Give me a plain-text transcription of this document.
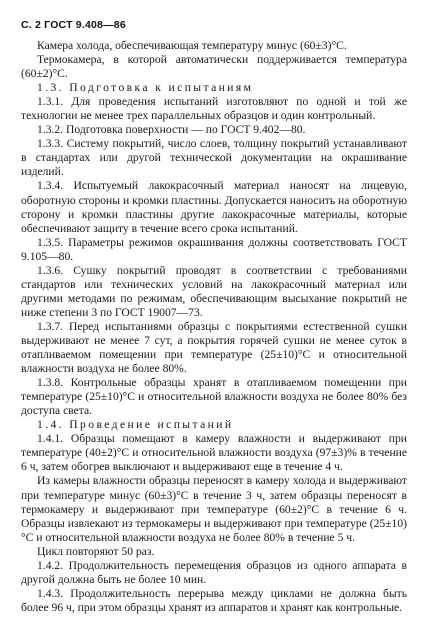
С. 2 ГОСТ 9.408—86

Камера холода, обеспечивающая температуру минус (60±3)°С.

Термокамера, в которой автоматически поддерживается температура (60±2)°С.

1.3. Подготовка к испытаниям

1.3.1. Для проведения испытаний изготовляют по одной и той же технологии не менее трех параллельных образцов и один контрольный.

1.3.2. Подготовка поверхности — по ГОСТ 9.402—80.

1.3.3. Систему покрытий, число слоев, толщину покрытий устанавливают в стандартах или другой технической документации на окрашивание изделий.

1.3.4. Испытуемый лакокрасочный материал наносят на лицевую, оборотную стороны и кромки пластины. Допускается наносить на оборотную сторону и кромки пластины другие лакокрасочные материалы, которые обеспечивают защиту в течение всего срока испытаний.

1.3.5. Параметры режимов окрашивания должны соответствовать ГОСТ 9.105—80.

1.3.6. Сушку покрытий проводят в соответствии с требованиями стандартов или технических условий на лакокрасочный материал или другими методами по режимам, обеспечивающим высыхание покрытий не ниже степени 3 по ГОСТ 19007—73.

1.3.7. Перед испытаниями образцы с покрытиями естественной сушки выдерживают не менее 7 сут, а покрытия горячей сушки не менее суток в отапливаемом помещении при температуре (25±10)°С и относительной влажности воздуха не более 80%.

1.3.8. Контрольные образцы хранят в отапливаемом помещении при температуре (25±10)°С и относительной влажности воздуха не более 80% без доступа света.

1.4. Проведение испытаний

1.4.1. Образцы помещают в камеру влажности и выдерживают при температуре (40±2)°С и относительной влажности воздуха (97±3)% в течение 6 ч, затем обогрев выключают и выдерживают еще в течение 4 ч.

Из камеры влажности образцы переносят в камеру холода и выдерживают при температуре минус (60±3)°С в течение 3 ч, затем образцы переносят в термокамеру и выдерживают при температуре (60±2)°С в течение 6 ч. Образцы извлекают из термокамеры и выдерживают при температуре (25±10)°С и относительной влажности воздуха не более 80% в течение 5 ч.

Цикл повторяют 50 раз.

1.4.2. Продолжительность перемещения образцов из одного аппарата в другой должна быть не более 10 мин.

1.4.3. Продолжительность перерыва между циклами не должна быть более 96 ч, при этом образцы хранят из аппаратов и хранят как контрольные.
